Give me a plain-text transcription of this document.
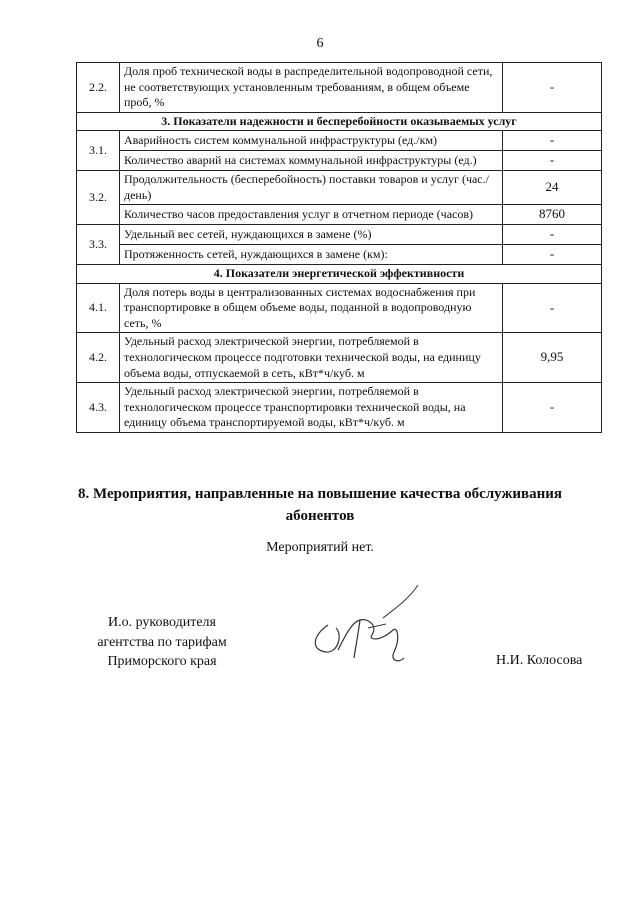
6
2.2.	Доля проб технической воды в распределительной водопроводной сети, не соответствующих установленным требованиям, в общем объеме проб, %	-
3. Показатели надежности и бесперебойности оказываемых услуг		
3.1.	Аварийность систем коммунальной инфраструктуры (ед./км)	-
	Количество аварий на системах коммунальной инфраструктуры (ед.)	-
3.2.	Продолжительность (бесперебойность) поставки товаров и услуг (час./день)	24
	Количество часов предоставления услуг в отчетном периоде (часов)	8760
3.3.	Удельный вес сетей, нуждающихся в замене (%)	-
	Протяженность сетей, нуждающихся в замене (км):	-
4. Показатели энергетической эффективности		
4.1.	Доля потерь воды в централизованных системах водоснабжения при транспортировке в общем объеме воды, поданной в водопроводную сеть, %	-
4.2.	Удельный расход электрической энергии, потребляемой в технологическом процессе подготовки технической воды, на единицу объема воды, отпускаемой в сеть, кВт*ч/куб. м	9,95
4.3.	Удельный расход электрической энергии, потребляемой в технологическом процессе транспортировки технической воды, на единицу объема транспортируемой воды, кВт*ч/куб. м	-
8. Мероприятия, направленные на повышение качества обслуживания абонентов
Мероприятий нет.
И.о. руководителя
агентства по тарифам
Приморского края	Н.И. Колосова
